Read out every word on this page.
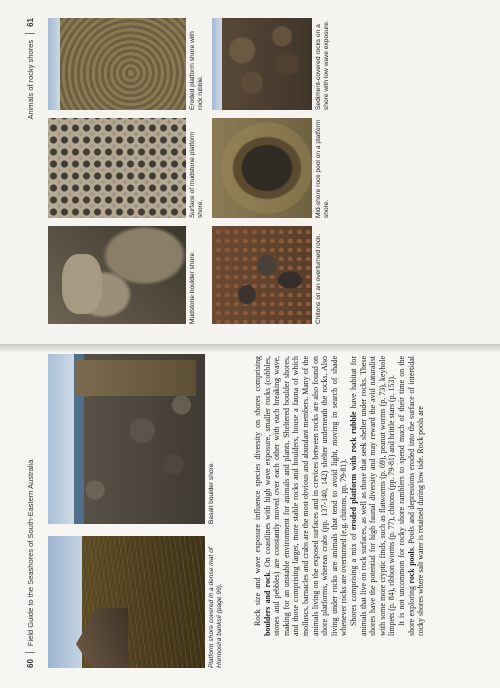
60
Field Guide to the Seashores of South-Eastern Australia	Platform shore covered in a dense mat of Hormosira banksii (page 99).
Basalt boulder shore.	Rock size and wave exposure influence species diversity on shores comprising boulders and rock. On coastlines with high wave exposure, smaller rocks (cobbles, stones and pebbles) are constantly moved over each other with each breaking wave, making for an unstable environment for animals and plants. Sheltered boulder shores, and those comprising larger, more stable rocks and boulders, house a fauna of which molluscs, barnacles and crabs are the most obvious and abundant members. Many of the animals living on the exposed surfaces and in crevices between rocks are also found on shore platforms, whereas crabs (pp. 137-140, 142) shelter underneath the rocks. Also living under rocks are animals that tend to avoid light, moving in search of shade whenever rocks are overturned (e.g. chitons, pp. 79-81). Shores comprising a mix of eroded platform with rock rubble have habitat for animals that live on rock surfaces, as well as those that seek shelter under rocks. These shores have the potential for high faunal diversity and may reward the avid naturalist with some more cryptic finds, such as flatworms (p. 69), peanut worms (p. 73), keyhole limpets (p. 84), ribbon worms (p. 77), chitons (pp. 79-81) and brittle stars (p. 153). It is not uncommon for rocky shore ramblers to spend much of their time on the shore exploring rock pools. Pools and depressions eroded into the surface of intertidal rocky shores where salt water is retained during low tide. Rock pools are

Animals of rocky shores
61
Mudstone boulder shore.	Chitons on an overturned rock.
Surface of mudstone platform shore.	Mid-shore rock pool on a platform shore.
Eroded platform shore with rock rubble.	Sediment-covered rocks on a shore with low wave exposure.
